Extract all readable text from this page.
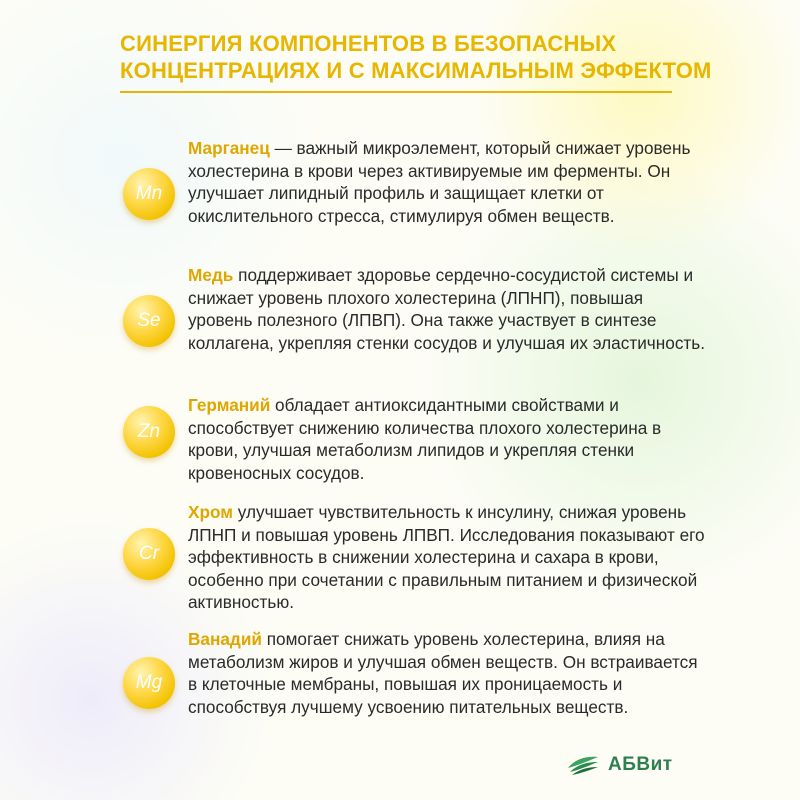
СИНЕРГИЯ КОМПОНЕНТОВ В БЕЗОПАСНЫХ
КОНЦЕНТРАЦИЯХ И С МАКСИМАЛЬНЫМ ЭФФЕКТОМ
Mn
Марганец — важный микроэлемент, который снижает уровень холестерина в крови через активируемые им ферменты. Он улучшает липидный профиль и защищает клетки от окислительного стресса, стимулируя обмен веществ.
Se
Медь поддерживает здоровье сердечно-сосудистой системы и снижает уровень плохого холестерина (ЛПНП), повышая уровень полезного (ЛПВП). Она также участвует в синтезе коллагена, укрепляя стенки сосудов и улучшая их эластичность.
Zn
Германий обладает антиоксидантными свойствами и способствует снижению количества плохого холестерина в крови, улучшая метаболизм липидов и укрепляя стенки кровеносных сосудов.
Cr
Хром улучшает чувствительность к инсулину, снижая уровень ЛПНП и повышая уровень ЛПВП. Исследования показывают его эффективность в снижении холестерина и сахара в крови, особенно при сочетании с правильным питанием и физической активностью.
Mg
Ванадий помогает снижать уровень холестерина, влияя на метаболизм жиров и улучшая обмен веществ. Он встраивается в клеточные мембраны, повышая их проницаемость и способствуя лучшему усвоению питательных веществ.
АБВит
